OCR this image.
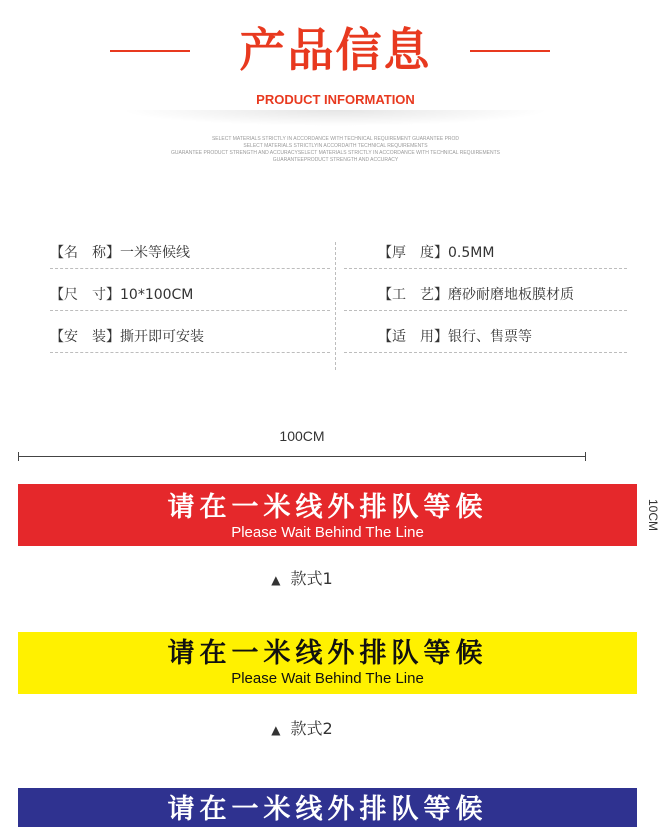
产品信息
PRODUCT INFORMATION
SELECT MATERIALS STRICTLY IN ACCORDANCE WITH TECHNICAL REQUIREMENT GUARANTEE PROD
SELECT MATERIALS STRICTLYIN ACCORDAITH TECHNICAL REQUIREMENTS
GUARANTEE PRODUCT STRENGTH AND ACCURACYSELECT MATERIALS STRICTLY IN ACCORDANCE WITH TECHNICAL REQUIREMENTS
GUARANTEEPRODUCT STRENGTH AND ACCURACY
【名　称】一米等候线	【厚　度】0.5MM
【尺　寸】10*100CM	【工　艺】磨砂耐磨地板膜材质
【安　装】撕开即可安装	【适　用】银行、售票等
100CM
10CM
请在一米线外排队等候
Please Wait Behind The Line
▲ 款式1
请在一米线外排队等候
Please Wait Behind The Line
▲ 款式2
请在一米线外排队等候
